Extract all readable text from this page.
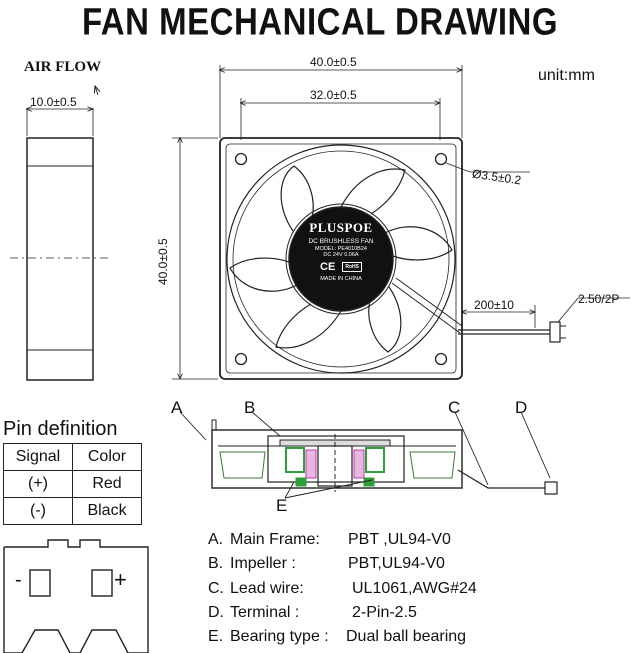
FAN MECHANICAL DRAWING
unit:mm
AIR FLOW
10.0±0.5
40.0±0.5
32.0±0.5
40.0±0.5
Ø3.5±0.2
200±10	2.50/2P
PLUSPOE
DC BRUSHLESS FAN
MODEL: PE4010B24
DC 24V 0.06A
CE RoHS
MADE IN CHINA
Pin definition
Signal	Color
(+)	Red
(-)	Black
-	+
A	B	C	D
E
A. Main Frame: PBT ,UL94-V0
B. Impeller :	PBT,UL94-V0
C. Lead wire:	UL1061,AWG#24
D. Terminal :	2-Pin-2.5
E. Bearing type : Dual ball bearing
